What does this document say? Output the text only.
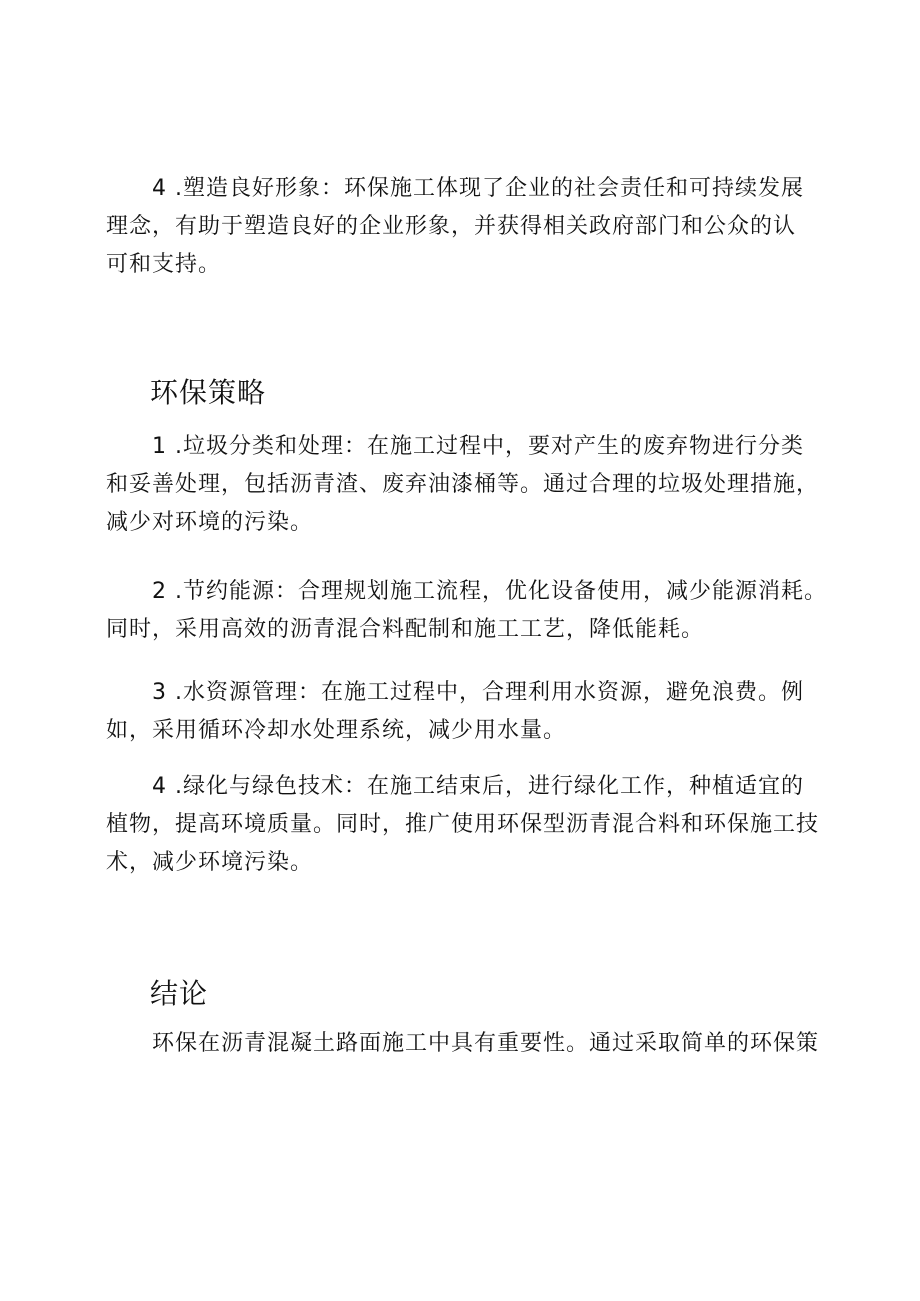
4 .塑造良好形象：环保施工体现了企业的社会责任和可持续发展
理念，有助于塑造良好的企业形象，并获得相关政府部门和公众的认
可和支持。
环保策略
1 .垃圾分类和处理：在施工过程中，要对产生的废弃物进行分类
和妥善处理，包括沥青渣、废弃油漆桶等。通过合理的垃圾处理措施，
减少对环境的污染。
2 .节约能源：合理规划施工流程，优化设备使用，减少能源消耗。
同时，采用高效的沥青混合料配制和施工工艺，降低能耗。
3 .水资源管理：在施工过程中，合理利用水资源，避免浪费。例
如，采用循环冷却水处理系统，减少用水量。
4 .绿化与绿色技术：在施工结束后，进行绿化工作，种植适宜的
植物，提高环境质量。同时，推广使用环保型沥青混合料和环保施工技
术，减少环境污染。
结论
环保在沥青混凝土路面施工中具有重要性。通过采取简单的环保策
